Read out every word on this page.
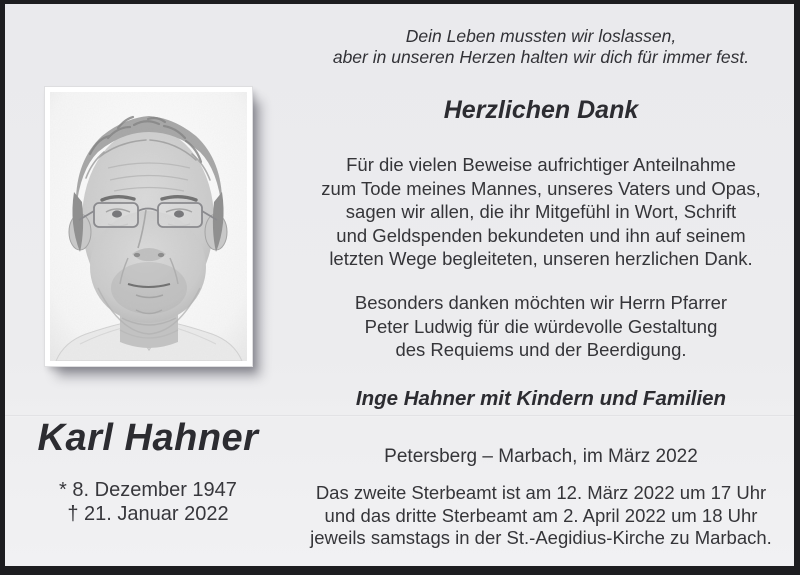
Karl Hahner
* 8. Dezember 1947
† 21. Januar 2022
Dein Leben mussten wir loslassen,
aber in unseren Herzen halten wir dich für immer fest.
Herzlichen Dank
Für die vielen Beweise aufrichtiger Anteilnahme
zum Tode meines Mannes, unseres Vaters und Opas,
sagen wir allen, die ihr Mitgefühl in Wort, Schrift
und Geldspenden bekundeten und ihn auf seinem
letzten Wege begleiteten, unseren herzlichen Dank.
Besonders danken möchten wir Herrn Pfarrer
Peter Ludwig für die würdevolle Gestaltung
des Requiems und der Beerdigung.
Inge Hahner mit Kindern und Familien
Petersberg – Marbach, im März 2022
Das zweite Sterbeamt ist am 12. März 2022 um 17 Uhr
und das dritte Sterbeamt am 2. April 2022 um 18 Uhr
jeweils samstags in der St.-Aegidius-Kirche zu Marbach.
